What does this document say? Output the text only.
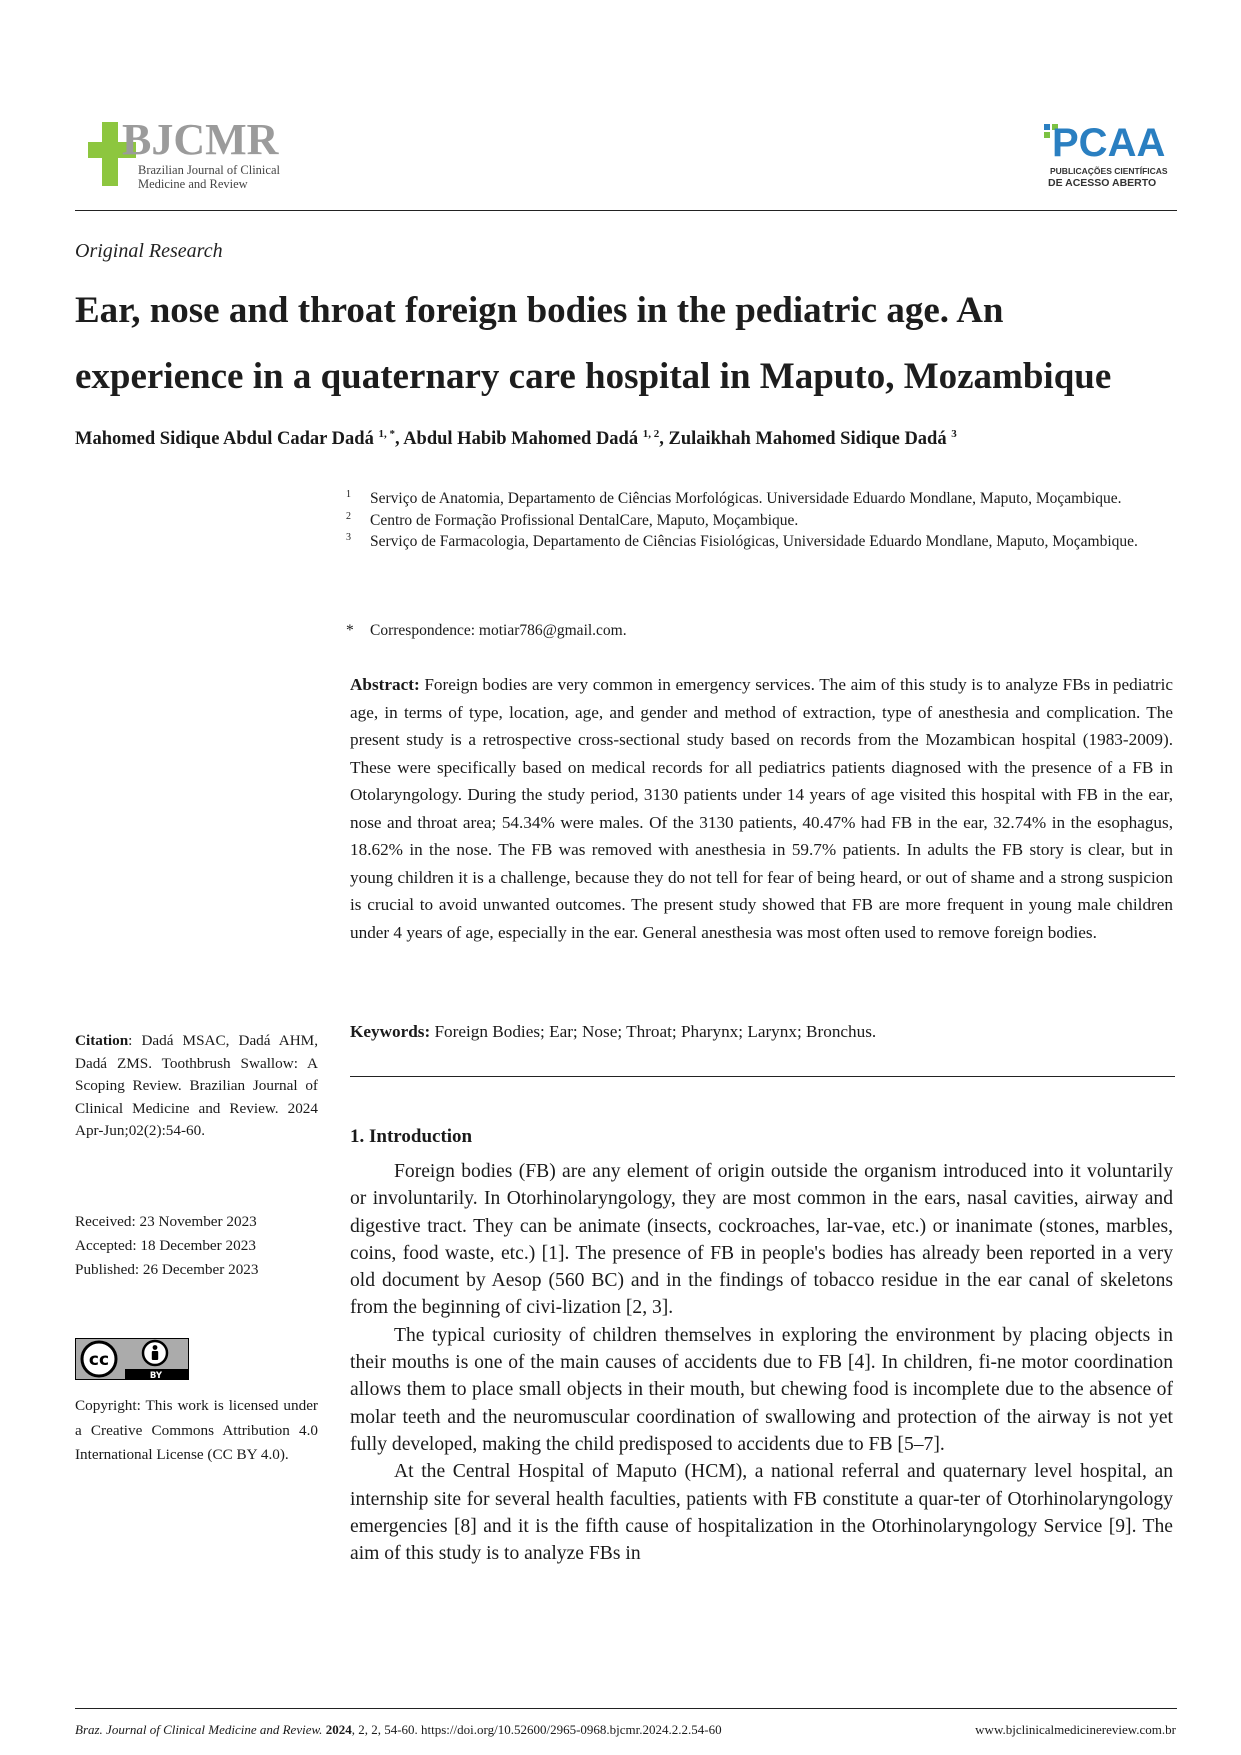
BJCMR
Brazilian Journal of Clinical
Medicine and Review
PCAA
PUBLICAÇÕES CIENTÍFICAS
DE ACESSO ABERTO
Original Research
Ear, nose and throat foreign bodies in the pediatric age. An experience in a quaternary care hospital in Maputo, Mozambique
Mahomed Sidique Abdul Cadar Dadá $^{1, *}$, Abdul Habib Mahomed Dadá $^{1, 2}$, Zulaikhah Mahomed Sidique Dadá $^3$
1	Serviço de Anatomia, Departamento de Ciências Morfológicas. Universidade Eduardo Mondlane, Maputo, Moçambique.
2	Centro de Formação Profissional DentalCare, Maputo, Moçambique.
3	Serviço de Farmacologia, Departamento de Ciências Fisiológicas, Universidade Eduardo Mondlane, Maputo, Moçambique.
*	Correspondence: motiar786@gmail.com.

Abstract: Foreign bodies are very common in emergency services. The aim of this study is to analyze FBs in pediatric age, in terms of type, location, age, and gender and method of extraction, type of anesthesia and complication. The present study is a retrospective cross-sectional study based on records from the Mozambican hospital (1983-2009). These were specifically based on medical records for all pediatrics patients diagnosed with the presence of a FB in Otolaryngology. During the study period, 3130 patients under 14 years of age visited this hospital with FB in the ear, nose and throat area; 54.34% were males. Of the 3130 patients, 40.47% had FB in the ear, 32.74% in the esophagus, 18.62% in the nose. The FB was removed with anesthesia in 59.7% patients. In adults the FB story is clear, but in young children it is a challenge, because they do not tell for fear of being heard, or out of shame and a strong suspicion is crucial to avoid unwanted outcomes. The present study showed that FB are more frequent in young male children under 4 years of age, especially in the ear. General anesthesia was most often used to remove foreign bodies.

Keywords: Foreign Bodies; Ear; Nose; Throat; Pharynx; Larynx; Bronchus.
Citation: Dadá MSAC, Dadá AHM, Dadá ZMS. Toothbrush Swallow: A Scoping Review. Brazilian Journal of Clinical Medicine and Review. 2024 Apr-Jun;02(2):54-60.
Received: 23 November 2023
Accepted: 18 December 2023
Published: 26 December 2023
cc
BY
Copyright: This work is licensed under a Creative Commons Attribution 4.0 International License (CC BY 4.0).
1. Introduction

Foreign bodies (FB) are any element of origin outside the organism introduced into it voluntarily or involuntarily. In Otorhinolaryngology, they are most common in the ears, nasal cavities, airway and digestive tract. They can be animate (insects, cockroaches, lar-vae, etc.) or inanimate (stones, marbles, coins, food waste, etc.) [1]. The presence of FB in people's bodies has already been reported in a very old document by Aesop (560 BC) and in the findings of tobacco residue in the ear canal of skeletons from the beginning of civi-lization [2, 3].

The typical curiosity of children themselves in exploring the environment by placing objects in their mouths is one of the main causes of accidents due to FB [4]. In children, fi-ne motor coordination allows them to place small objects in their mouth, but chewing food is incomplete due to the absence of molar teeth and the neuromuscular coordination of swallowing and protection of the airway is not yet fully developed, making the child predisposed to accidents due to FB [5–7].

At the Central Hospital of Maputo (HCM), a national referral and quaternary level hospital, an internship site for several health faculties, patients with FB constitute a quar-ter of Otorhinolaryngology emergencies [8] and it is the fifth cause of hospitalization in the Otorhinolaryngology Service [9]. The aim of this study is to analyze FBs in

Braz. Journal of Clinical Medicine and Review. 2024, 2, 2, 54-60. https://doi.org/10.52600/2965-0968.bjcmr.2024.2.2.54-60	www.bjclinicalmedicinereview.com.br
